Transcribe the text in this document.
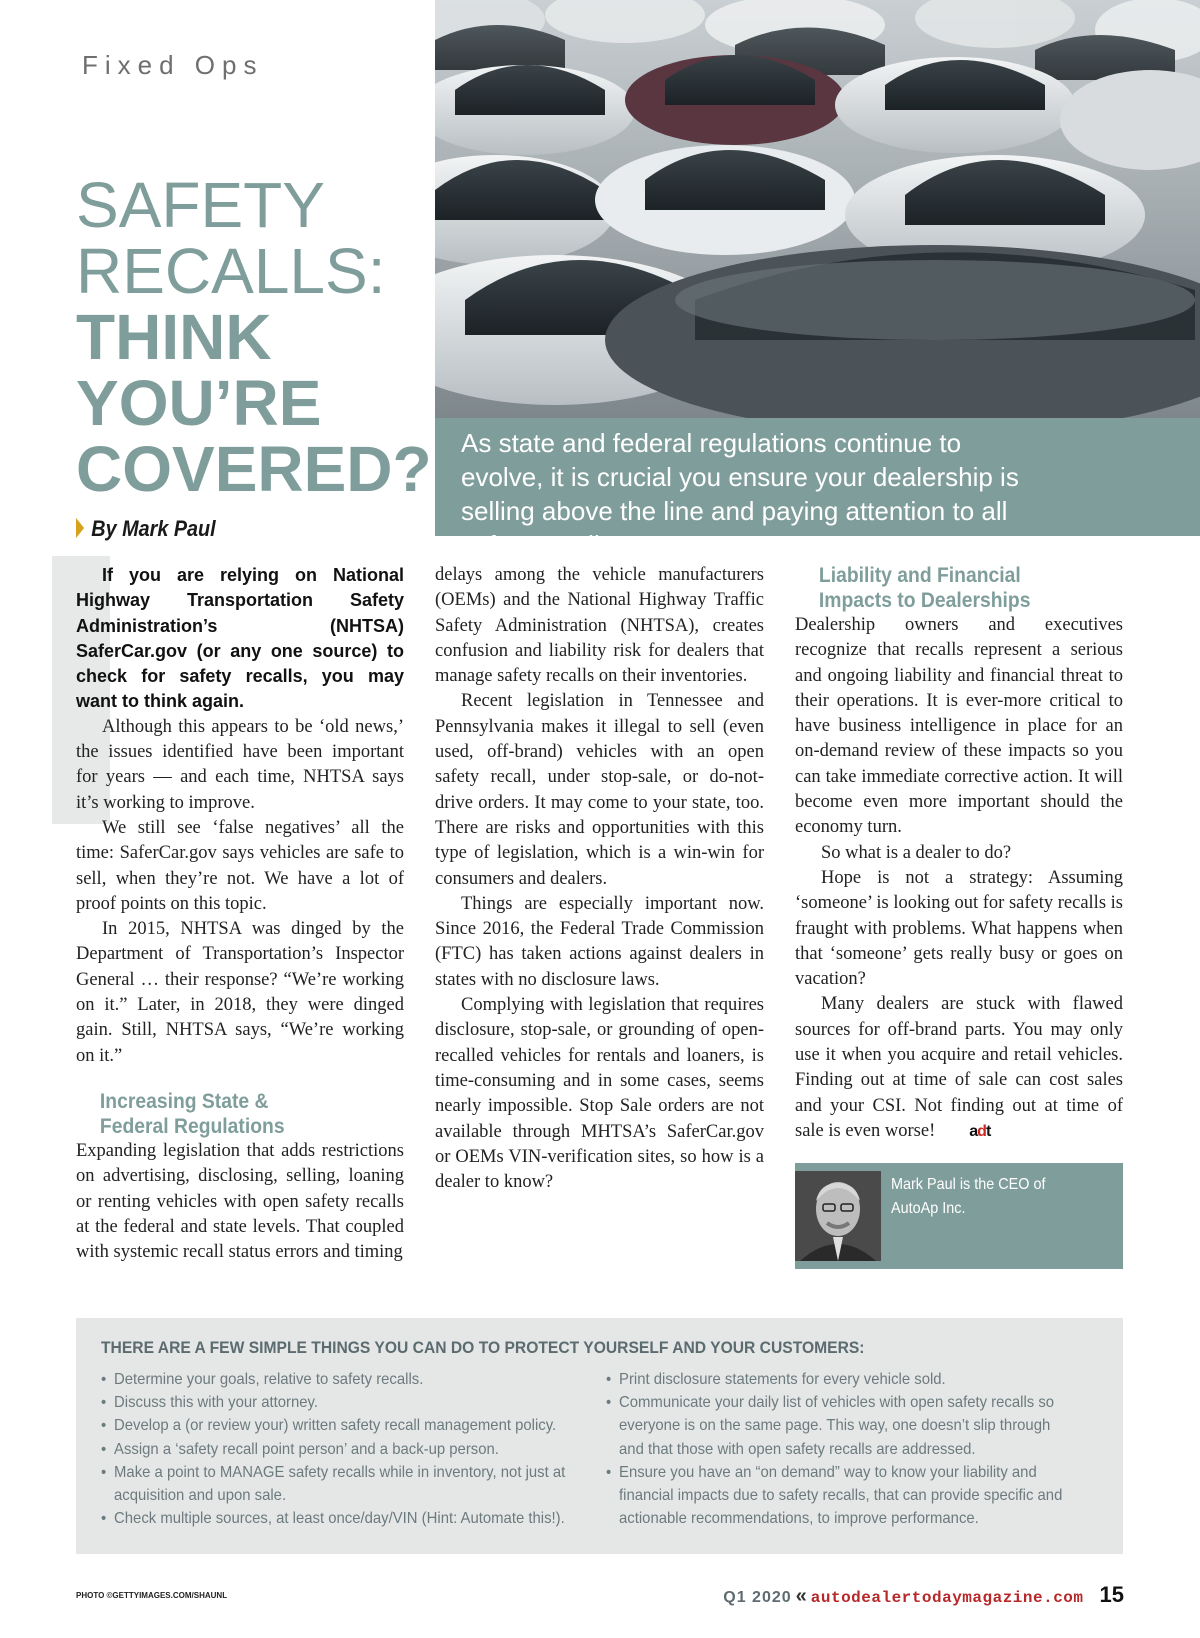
Fixed Ops
As state and federal regulations continue to evolve, it is crucial you ensure your dealership is selling above the line and paying attention to all safety recalls.
SAFETY
RECALLS:
THINK
YOU’RE
COVERED?
By Mark Paul

If you are relying on National Highway Transportation Safety Administration’s (NHTSA) SaferCar.gov (or any one source) to check for safety recalls, you may want to think again.

Although this appears to be ‘old news,’ the issues identified have been important for years — and each time, NHTSA says it’s working to improve.

We still see ‘false negatives’ all the time: SaferCar.gov says vehicles are safe to sell, when they’re not. We have a lot of proof points on this topic.

In 2015, NHTSA was dinged by the Department of Transportation’s Inspector General … their response? “We’re working on it.” Later, in 2018, they were dinged gain. Still, NHTSA says, “We’re working on it.”

Increasing State &

Federal Regulations

Expanding legislation that adds restrictions on advertising, disclosing, selling, loaning or renting vehicles with open safety recalls at the federal and state levels. That coupled with systemic recall status errors and timing

delays among the vehicle manufacturers (OEMs) and the National Highway Traffic Safety Administration (NHTSA), creates confusion and liability risk for dealers that manage safety recalls on their inventories.

Recent legislation in Tennessee and Pennsylvania makes it illegal to sell (even used, off-brand) vehicles with an open safety recall, under stop-sale, or do-not-drive orders. It may come to your state, too. There are risks and opportunities with this type of legislation, which is a win-win for consumers and dealers.

Things are especially important now. Since 2016, the Federal Trade Commission (FTC) has taken actions against dealers in states with no disclosure laws.

Complying with legislation that requires disclosure, stop-sale, or grounding of open-recalled vehicles for rentals and loaners, is time-consuming and in some cases, seems nearly impossible. Stop Sale orders are not available through MHTSA’s SaferCar.gov or OEMs VIN-verification sites, so how is a dealer to know?

Liability and Financial

Impacts to Dealerships

Dealership owners and executives recognize that recalls represent a serious and ongoing liability and financial threat to their operations. It is ever-more critical to have business intelligence in place for an on-demand review of these impacts so you can take immediate corrective action. It will become even more important should the economy turn.

So what is a dealer to do?

Hope is not a strategy: Assuming ‘someone’ is looking out for safety recalls is fraught with problems. What happens when that ‘someone’ gets really busy or goes on vacation?

Many dealers are stuck with flawed sources for off-brand parts. You may only use it when you acquire and retail vehicles. Finding out at time of sale can cost sales and your CSI. Not finding out at time of sale is even worse! adt

Mark Paul is the CEO of AutoAp Inc.
THERE ARE A FEW SIMPLE THINGS YOU CAN DO TO PROTECT YOURSELF AND YOUR CUSTOMERS:
• Determine your goals, relative to safety recalls.
• Discuss this with your attorney.
• Develop a (or review your) written safety recall management policy.
• Assign a ‘safety recall point person’ and a back-up person.
• Make a point to MANAGE safety recalls while in inventory, not just at acquisition and upon sale.
• Check multiple sources, at least once/day/VIN (Hint: Automate this!).
• Print disclosure statements for every vehicle sold.
• Communicate your daily list of vehicles with open safety recalls so everyone is on the same page. This way, one doesn’t slip through and that those with open safety recalls are addressed.
• Ensure you have an “on demand” way to know your liability and financial impacts due to safety recalls, that can provide specific and actionable recommendations, to improve performance.
PHOTO ©GETTYIMAGES.COM/SHAUNL	Q1 2020 « autodealertodaymagazine.com 15
